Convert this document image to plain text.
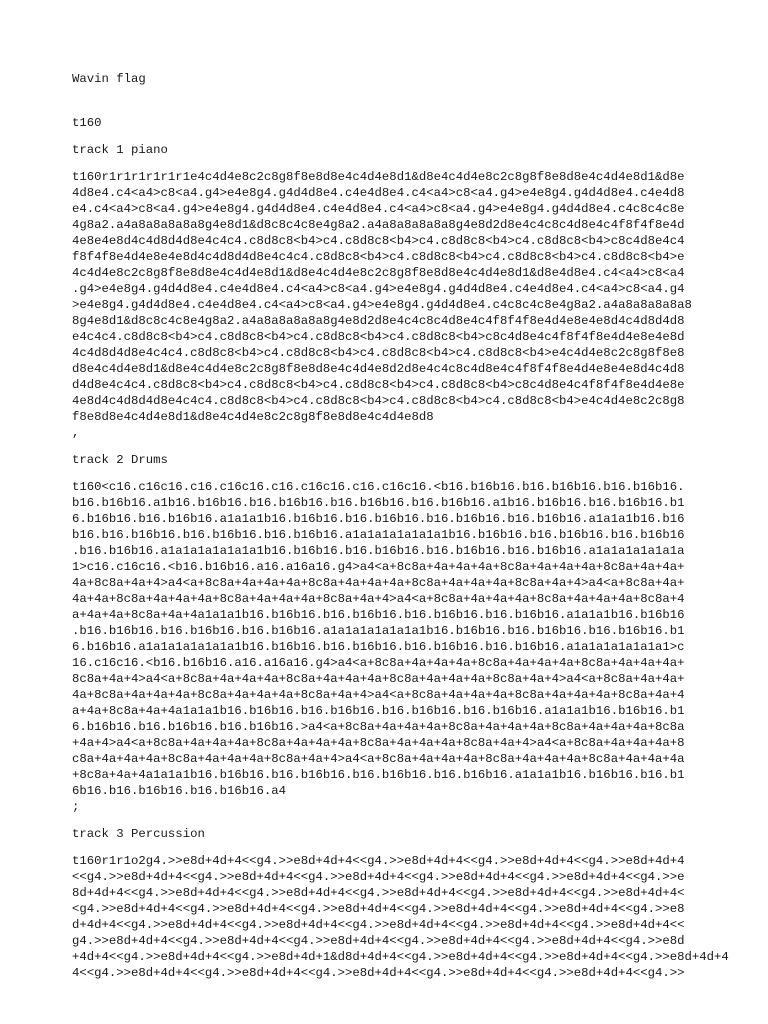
Wavin flag
t160
track 1 piano
t160r1r1r1r1r1r1e4c4d4e8c2c8g8f8e8d8e4c4d4e8d1&d8e4c4d4e8c2c8g8f8e8d8e4c4d4e8d1&d8e
4d8e4.c4<a4>c8<a4.g4>e4e8g4.g4d4d8e4.c4e4d8e4.c4<a4>c8<a4.g4>e4e8g4.g4d4d8e4.c4e4d8
e4.c4<a4>c8<a4.g4>e4e8g4.g4d4d8e4.c4e4d8e4.c4<a4>c8<a4.g4>e4e8g4.g4d4d8e4.c4c8c4c8e
4g8a2.a4a8a8a8a8a8g4e8d1&d8c8c4c8e4g8a2.a4a8a8a8a8a8g4e8d2d8e4c4c8c4d8e4c4f8f4f8e4d
4e8e4e8d4c4d8d4d8e4c4c4.c8d8c8<b4>c4.c8d8c8<b4>c4.c8d8c8<b4>c4.c8d8c8<b4>c8c4d8e4c4
f8f4f8e4d4e8e4e8d4c4d8d4d8e4c4c4.c8d8c8<b4>c4.c8d8c8<b4>c4.c8d8c8<b4>c4.c8d8c8<b4>e
4c4d4e8c2c8g8f8e8d8e4c4d4e8d1&d8e4c4d4e8c2c8g8f8e8d8e4c4d4e8d1&d8e4d8e4.c4<a4>c8<a4
.g4>e4e8g4.g4d4d8e4.c4e4d8e4.c4<a4>c8<a4.g4>e4e8g4.g4d4d8e4.c4e4d8e4.c4<a4>c8<a4.g4
>e4e8g4.g4d4d8e4.c4e4d8e4.c4<a4>c8<a4.g4>e4e8g4.g4d4d8e4.c4c8c4c8e4g8a2.a4a8a8a8a8a8
8g4e8d1&d8c8c4c8e4g8a2.a4a8a8a8a8a8g4e8d2d8e4c4c8c4d8e4c4f8f4f8e4d4e8e4e8d4c4d8d4d8
e4c4c4.c8d8c8<b4>c4.c8d8c8<b4>c4.c8d8c8<b4>c4.c8d8c8<b4>c8c4d8e4c4f8f4f8e4d4e8e4e8d
4c4d8d4d8e4c4c4.c8d8c8<b4>c4.c8d8c8<b4>c4.c8d8c8<b4>c4.c8d8c8<b4>e4c4d4e8c2c8g8f8e8
d8e4c4d4e8d1&d8e4c4d4e8c2c8g8f8e8d8e4c4d4e8d2d8e4c4c8c4d8e4c4f8f4f8e4d4e8e4e8d4c4d8
d4d8e4c4c4.c8d8c8<b4>c4.c8d8c8<b4>c4.c8d8c8<b4>c4.c8d8c8<b4>c8c4d8e4c4f8f4f8e4d4e8e
4e8d4c4d8d4d8e4c4c4.c8d8c8<b4>c4.c8d8c8<b4>c4.c8d8c8<b4>c4.c8d8c8<b4>e4c4d4e8c2c8g8
f8e8d8e4c4d4e8d1&d8e4c4d4e8c2c8g8f8e8d8e4c4d4e8d8
,
track 2 Drums
t160<c16.c16c16.c16.c16c16.c16.c16c16.c16.c16c16.<b16.b16b16.b16.b16b16.b16.b16b16.
b16.b16b16.a1b16.b16b16.b16.b16b16.b16.b16b16.b16.b16b16.a1b16.b16b16.b16.b16b16.b1
6.b16b16.b16.b16b16.a1a1a1b16.b16b16.b16.b16b16.b16.b16b16.b16.b16b16.a1a1a1b16.b16
b16.b16.b16b16.b16.b16b16.b16.b16b16.a1a1a1a1a1a1a1b16.b16b16.b16.b16b16.b16.b16b16
.b16.b16b16.a1a1a1a1a1a1a1b16.b16b16.b16.b16b16.b16.b16b16.b16.b16b16.a1a1a1a1a1a1a
1>c16.c16c16.<b16.b16b16.a16.a16a16.g4>a4<a+8c8a+4a+4a+4a+8c8a+4a+4a+4a+8c8a+4a+4a+
4a+8c8a+4a+4>a4<a+8c8a+4a+4a+4a+8c8a+4a+4a+4a+8c8a+4a+4a+4a+8c8a+4a+4>a4<a+8c8a+4a+
4a+4a+8c8a+4a+4a+4a+8c8a+4a+4a+4a+8c8a+4a+4>a4<a+8c8a+4a+4a+4a+8c8a+4a+4a+4a+8c8a+4
a+4a+4a+8c8a+4a+4a1a1a1b16.b16b16.b16.b16b16.b16.b16b16.b16.b16b16.a1a1a1b16.b16b16
.b16.b16b16.b16.b16b16.b16.b16b16.a1a1a1a1a1a1a1b16.b16b16.b16.b16b16.b16.b16b16.b1
6.b16b16.a1a1a1a1a1a1a1b16.b16b16.b16.b16b16.b16.b16b16.b16.b16b16.a1a1a1a1a1a1a1>c
16.c16c16.<b16.b16b16.a16.a16a16.g4>a4<a+8c8a+4a+4a+4a+8c8a+4a+4a+4a+8c8a+4a+4a+4a+
8c8a+4a+4>a4<a+8c8a+4a+4a+4a+8c8a+4a+4a+4a+8c8a+4a+4a+4a+8c8a+4a+4>a4<a+8c8a+4a+4a+
4a+8c8a+4a+4a+4a+8c8a+4a+4a+4a+8c8a+4a+4>a4<a+8c8a+4a+4a+4a+8c8a+4a+4a+4a+8c8a+4a+4
a+4a+8c8a+4a+4a1a1a1b16.b16b16.b16.b16b16.b16.b16b16.b16.b16b16.a1a1a1b16.b16b16.b1
6.b16b16.b16.b16b16.b16.b16b16.>a4<a+8c8a+4a+4a+4a+8c8a+4a+4a+4a+8c8a+4a+4a+4a+8c8a
+4a+4>a4<a+8c8a+4a+4a+4a+8c8a+4a+4a+4a+8c8a+4a+4a+4a+8c8a+4a+4>a4<a+8c8a+4a+4a+4a+8
c8a+4a+4a+4a+8c8a+4a+4a+4a+8c8a+4a+4>a4<a+8c8a+4a+4a+4a+8c8a+4a+4a+4a+8c8a+4a+4a+4a
+8c8a+4a+4a1a1a1b16.b16b16.b16.b16b16.b16.b16b16.b16.b16b16.a1a1a1b16.b16b16.b16.b1
6b16.b16.b16b16.b16.b16b16.a4
;
track 3 Percussion
t160r1r1o2g4.>>e8d+4d+4<<g4.>>e8d+4d+4<<g4.>>e8d+4d+4<<g4.>>e8d+4d+4<<g4.>>e8d+4d+4
<<g4.>>e8d+4d+4<<g4.>>e8d+4d+4<<g4.>>e8d+4d+4<<g4.>>e8d+4d+4<<g4.>>e8d+4d+4<<g4.>>e
8d+4d+4<<g4.>>e8d+4d+4<<g4.>>e8d+4d+4<<g4.>>e8d+4d+4<<g4.>>e8d+4d+4<<g4.>>e8d+4d+4<
<g4.>>e8d+4d+4<<g4.>>e8d+4d+4<<g4.>>e8d+4d+4<<g4.>>e8d+4d+4<<g4.>>e8d+4d+4<<g4.>>e8
d+4d+4<<g4.>>e8d+4d+4<<g4.>>e8d+4d+4<<g4.>>e8d+4d+4<<g4.>>e8d+4d+4<<g4.>>e8d+4d+4<<
g4.>>e8d+4d+4<<g4.>>e8d+4d+4<<g4.>>e8d+4d+4<<g4.>>e8d+4d+4<<g4.>>e8d+4d+4<<g4.>>e8d
+4d+4<<g4.>>e8d+4d+4<<g4.>>e8d+4d+1&d8d+4d+4<<g4.>>e8d+4d+4<<g4.>>e8d+4d+4<<g4.>>e8d+4d+4
4<<g4.>>e8d+4d+4<<g4.>>e8d+4d+4<<g4.>>e8d+4d+4<<g4.>>e8d+4d+4<<g4.>>e8d+4d+4<<g4.>>
